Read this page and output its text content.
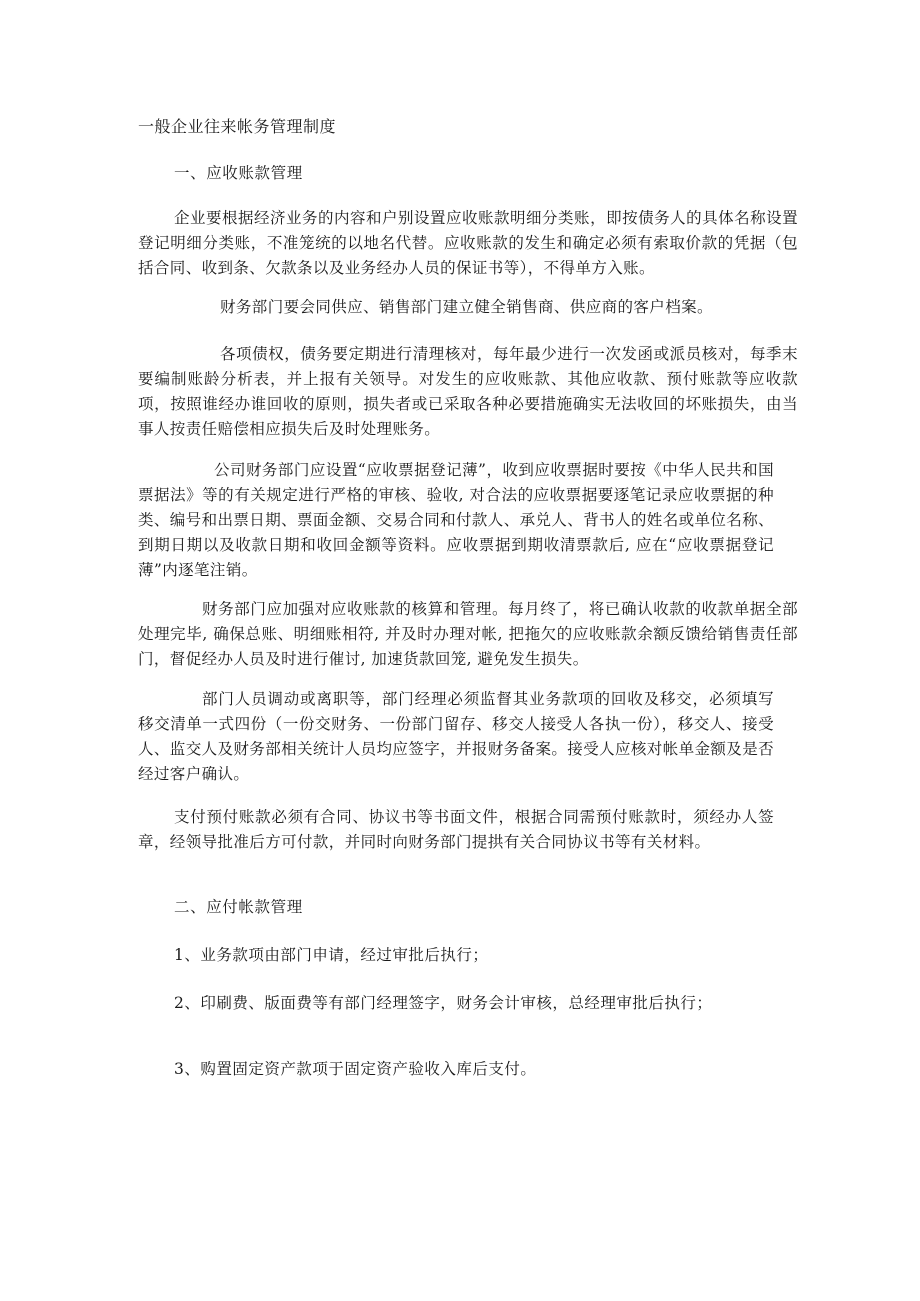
一般企业往来帐务管理制度
一、应收账款管理
企业要根据经济业务的内容和户别设置应收账款明细分类账，即按债务人的具体名称设置登记明细分类账，不准笼统的以地名代替。应收账款的发生和确定必须有索取价款的凭据（包括合同、收到条、欠款条以及业务经办人员的保证书等），不得单方入账。
财务部门要会同供应、销售部门建立健全销售商、供应商的客户档案。
各项债权，债务要定期进行清理核对，每年最少进行一次发函或派员核对，每季末要编制账龄分析表，并上报有关领导。对发生的应收账款、其他应收款、预付账款等应收款项，按照谁经办谁回收的原则，损失者或已采取各种必要措施确实无法收回的坏账损失，由当事人按责任赔偿相应损失后及时处理账务。
公司财务部门应设置“应收票据登记薄”，收到应收票据时要按《中华人民共和国票据法》等的有关规定进行严格的审核、验收, 对合法的应收票据要逐笔记录应收票据的种类、编号和出票日期、票面金额、交易合同和付款人、承兑人、背书人的姓名或单位名称、到期日期以及收款日期和收回金额等资料。应收票据到期收清票款后, 应在“应收票据登记薄”内逐笔注销。
财务部门应加强对应收账款的核算和管理。每月终了，将已确认收款的收款单据全部处理完毕, 确保总账、明细账相符, 并及时办理对帐, 把拖欠的应收账款余额反馈给销售责任部门，督促经办人员及时进行催讨, 加速货款回笼, 避免发生损失。
部门人员调动或离职等，部门经理必须监督其业务款项的回收及移交，必须填写移交清单一式四份（一份交财务、一份部门留存、移交人接受人各执一份），移交人、接受人、监交人及财务部相关统计人员均应签字，并报财务备案。接受人应核对帐单金额及是否经过客户确认。
支付预付账款必须有合同、协议书等书面文件，根据合同需预付账款时，须经办人签章，经领导批准后方可付款，并同时向财务部门提拱有关合同协议书等有关材料。
二、应付帐款管理
1、业务款项由部门申请，经过审批后执行；
2、印刷费、版面费等有部门经理签字，财务会计审核，总经理审批后执行；
3、购置固定资产款项于固定资产验收入库后支付。
